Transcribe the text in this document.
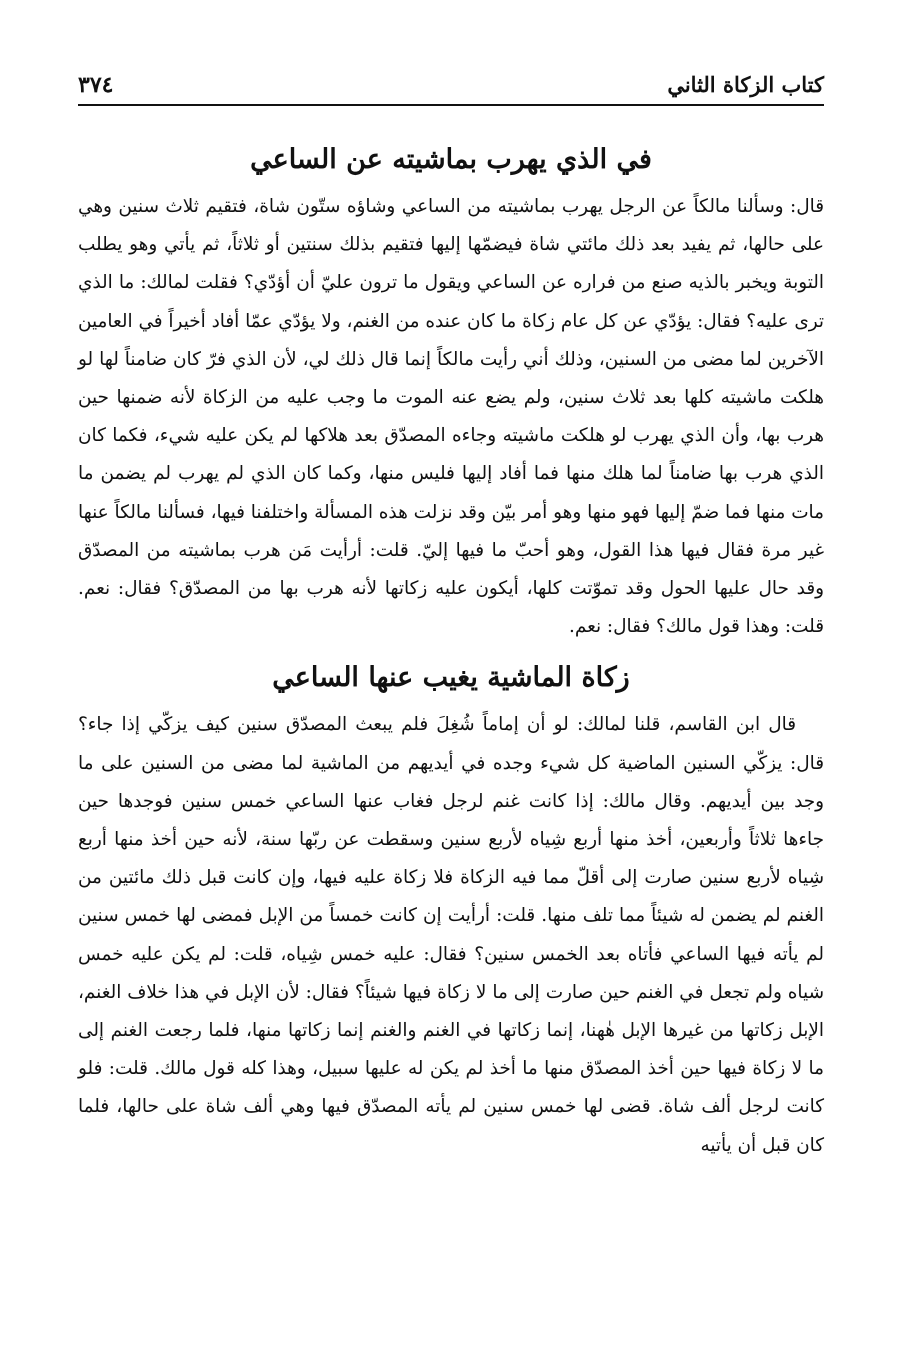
كتاب الزكاة الثاني
٣٧٤
في الذي يهرب بماشيته عن الساعي

قال: وسألنا مالكاً عن الرجل يهرب بماشيته من الساعي وشاؤه ستّون شاة، فتقيم ثلاث سنين وهي على حالها، ثم يفيد بعد ذلك مائتي شاة فيضمّها إليها فتقيم بذلك سنتين أو ثلاثاً، ثم يأتي وهو يطلب التوبة ويخبر بالذيه صنع من فراره عن الساعي ويقول ما ترون عليّ أن أؤدّي؟ فقلت لمالك: ما الذي ترى عليه؟ فقال: يؤدّي عن كل عام زكاة ما كان عنده من الغنم، ولا يؤدّي عمّا أفاد أخيراً في العامين الآخرين لما مضى من السنين، وذلك أني رأيت مالكاً إنما قال ذلك لي، لأن الذي فرّ كان ضامناً لها لو هلكت ماشيته كلها بعد ثلاث سنين، ولم يضع عنه الموت ما وجب عليه من الزكاة لأنه ضمنها حين هرب بها، وأن الذي يهرب لو هلكت ماشيته وجاءه المصدّق بعد هلاكها لم يكن عليه شيء، فكما كان الذي هرب بها ضامناً لما هلك منها فما أفاد إليها فليس منها، وكما كان الذي لم يهرب لم يضمن ما مات منها فما ضمّ إليها فهو منها وهو أمر بيّن وقد نزلت هذه المسألة واختلفنا فيها، فسألنا مالكاً عنها غير مرة فقال فيها هذا القول، وهو أحبّ ما فيها إليّ. قلت: أرأيت مَن هرب بماشيته من المصدّق وقد حال عليها الحول وقد تموّتت كلها، أيكون عليه زكاتها لأنه هرب بها من المصدّق؟ فقال: نعم. قلت: وهذا قول مالك؟ فقال: نعم.

زكاة الماشية يغيب عنها الساعي

قال ابن القاسم، قلنا لمالك: لو أن إماماً شُغِلَ فلم يبعث المصدّق سنين كيف يزكّي إذا جاء؟ قال: يزكّي السنين الماضية كل شيء وجده في أيديهم من الماشية لما مضى من السنين على ما وجد بين أيديهم. وقال مالك: إذا كانت غنم لرجل فغاب عنها الساعي خمس سنين فوجدها حين جاءها ثلاثاً وأربعين، أخذ منها أربع شِياه لأربع سنين وسقطت عن ربّها سنة، لأنه حين أخذ منها أربع شِياه لأربع سنين صارت إلى أقلّ مما فيه الزكاة فلا زكاة عليه فيها، وإن كانت قبل ذلك مائتين من الغنم لم يضمن له شيئاً مما تلف منها. قلت: أرأيت إن كانت خمساً من الإبل فمضى لها خمس سنين لم يأته فيها الساعي فأتاه بعد الخمس سنين؟ فقال: عليه خمس شِياه، قلت: لم يكن عليه خمس شياه ولم تجعل في الغنم حين صارت إلى ما لا زكاة فيها شيئاً؟ فقال: لأن الإبل في هذا خلاف الغنم، الإبل زكاتها من غيرها الإبل هٰهنا، إنما زكاتها في الغنم والغنم إنما زكاتها منها، فلما رجعت الغنم إلى ما لا زكاة فيها حين أخذ المصدّق منها ما أخذ لم يكن له عليها سبيل، وهذا كله قول مالك. قلت: فلو كانت لرجل ألف شاة. قضى لها خمس سنين لم يأته المصدّق فيها وهي ألف شاة على حالها، فلما كان قبل أن يأتيه
